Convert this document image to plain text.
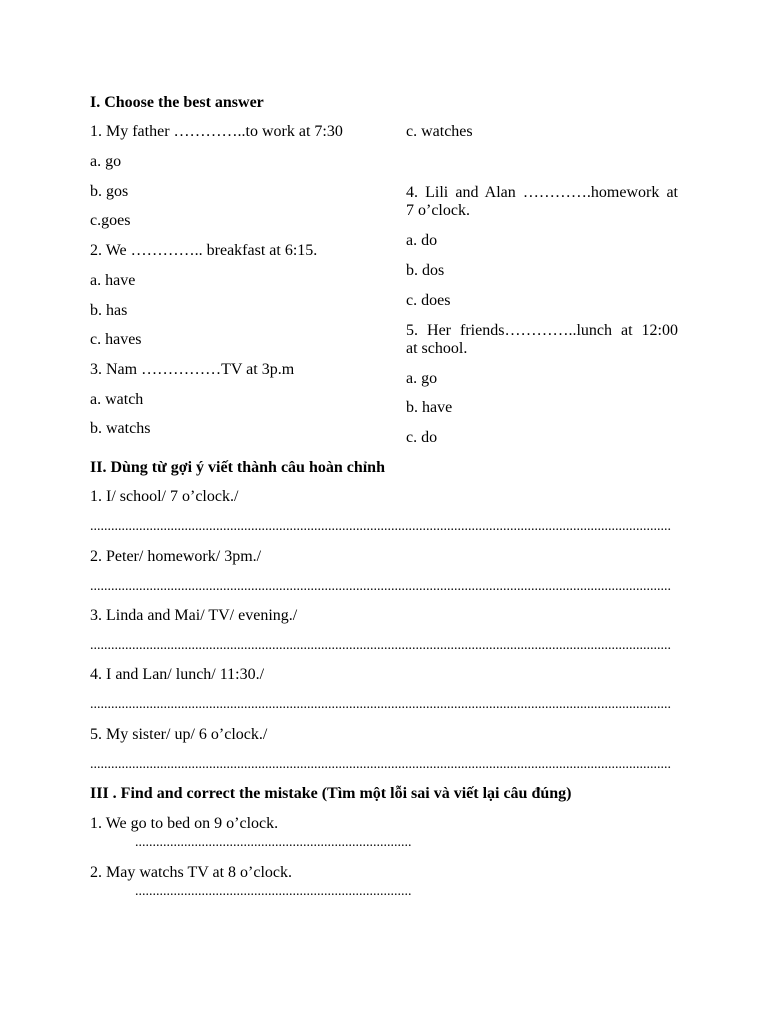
I. Choose the best answer
1. My father …………..to work at 7:30
a. go
b. gos
c.goes
2. We ………….. breakfast at 6:15.
a. have
b. has
c. haves
3. Nam ……………TV at 3p.m
a. watch
b. watchs
c. watches
4. Lili and Alan ………….homework at
7 o’clock.
a. do
b. dos
c. does
5. Her friends…………..lunch at 12:00
at school.
a. go
b. have
c. do
II. Dùng từ gợi ý viết thành câu hoàn chỉnh
1. I/ school/ 7 o’clock./
......................................................................................................................................................................
2. Peter/ homework/ 3pm./
......................................................................................................................................................................
3. Linda and Mai/ TV/ evening./
......................................................................................................................................................................
4. I and Lan/ lunch/ 11:30./
......................................................................................................................................................................
5. My sister/ up/ 6 o’clock./
......................................................................................................................................................................
III . Find and correct the mistake (Tìm một lỗi sai và viết lại câu đúng)
1. We go to bed on 9 o’clock.
...............................................................................
2. May watchs TV at 8 o’clock.
...............................................................................
